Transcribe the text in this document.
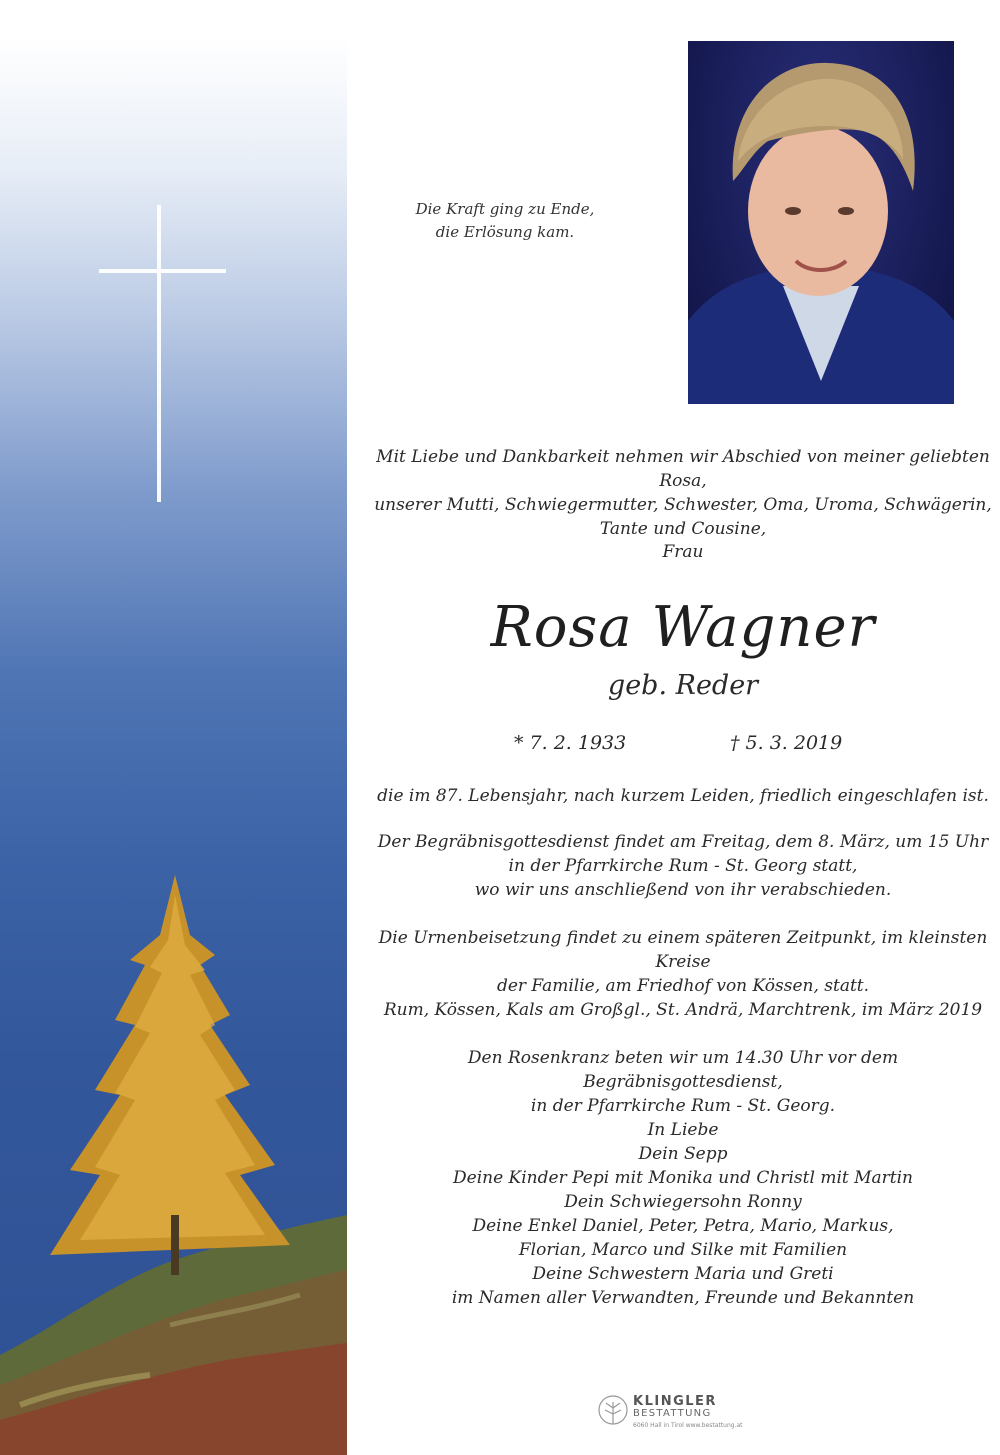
Die Kraft ging zu Ende,
die Erlösung kam.
Mit Liebe und Dankbarkeit nehmen wir Abschied von meiner geliebten Rosa,
unserer Mutti, Schwiegermutter, Schwester, Oma, Uroma, Schwägerin,
Tante und Cousine,
Frau
Rosa Wagner
geb. Reder
* 7. 2. 1933	† 5. 3. 2019
die im 87. Lebensjahr, nach kurzem Leiden, friedlich eingeschlafen ist.
Der Begräbnisgottesdienst findet am Freitag, dem 8. März, um 15 Uhr
in der Pfarrkirche Rum - St. Georg statt,
wo wir uns anschließend von ihr verabschieden.
Die Urnenbeisetzung findet zu einem späteren Zeitpunkt, im kleinsten Kreise
der Familie, am Friedhof von Kössen, statt.
Rum, Kössen, Kals am Großgl., St. Andrä, Marchtrenk, im März 2019
Den Rosenkranz beten wir um 14.30 Uhr vor dem Begräbnisgottesdienst,
in der Pfarrkirche Rum - St. Georg.
In Liebe
Dein Sepp
Deine Kinder Pepi mit Monika und Christl mit Martin
Dein Schwiegersohn Ronny
Deine Enkel Daniel, Peter, Petra, Mario, Markus,
Florian, Marco und Silke mit Familien
Deine Schwestern Maria und Greti
im Namen aller Verwandten, Freunde und Bekannten
KLINGLER
BESTATTUNG
6060 Hall in Tirol www.bestattung.at
